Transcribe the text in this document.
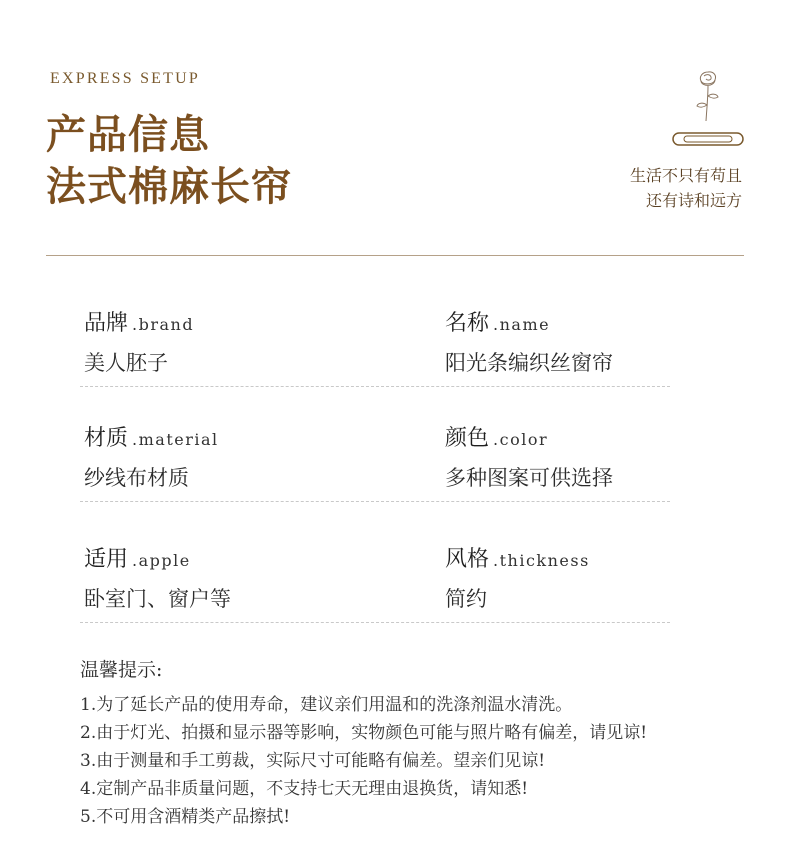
EXPRESS SETUP
产品信息
法式棉麻长帘	生活不只有苟且
还有诗和远方
品牌 .brand
美人胚子
名称 .name
阳光条编织丝窗帘
材质 .material
纱线布材质
颜色 .color
多种图案可供选择
适用 .apple
卧室门、窗户等
风格 .thickness
简约
温馨提示:
1.为了延长产品的使用寿命，建议亲们用温和的洗涤剂温水清洗。
2.由于灯光、拍摄和显示器等影响，实物颜色可能与照片略有偏差，请见谅!
3.由于测量和手工剪裁，实际尺寸可能略有偏差。望亲们见谅!
4.定制产品非质量问题，不支持七天无理由退换货，请知悉!
5.不可用含酒精类产品擦拭!
